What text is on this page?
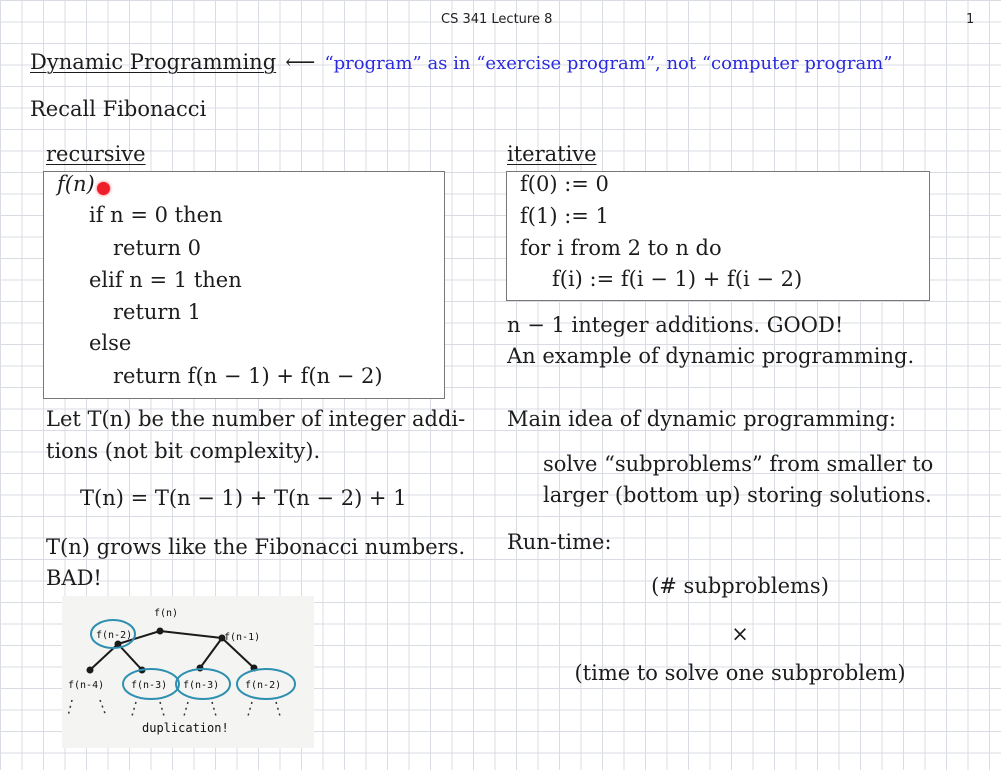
CS 341 Lecture 8	1
Dynamic Programming ⟵ “program” as in “exercise program”, not “computer program”
Recall Fibonacci
recursive
f(n)
if n = 0 then
return 0
elif n = 1 then
return 1
else
return f(n − 1) + f(n − 2)
iterative
f(0) := 0
f(1) := 1
for i from 2 to n do
f(i) := f(i − 1) + f(i − 2)
n − 1 integer additions. GOOD!
An example of dynamic programming.
Let T(n) be the number of integer addi-
tions (not bit complexity).
T(n) = T(n − 1) + T(n − 2) + 1
T(n) grows like the Fibonacci numbers.
BAD!
Main idea of dynamic programming:
solve “subproblems” from smaller to
larger (bottom up) storing solutions.
Run-time:
(# subproblems)
×
(time to solve one subproblem)
f(n)
f(n-2)	f(n-1)
f(n-4)	f(n-3) f(n-3)	f(n-2)
duplication!
